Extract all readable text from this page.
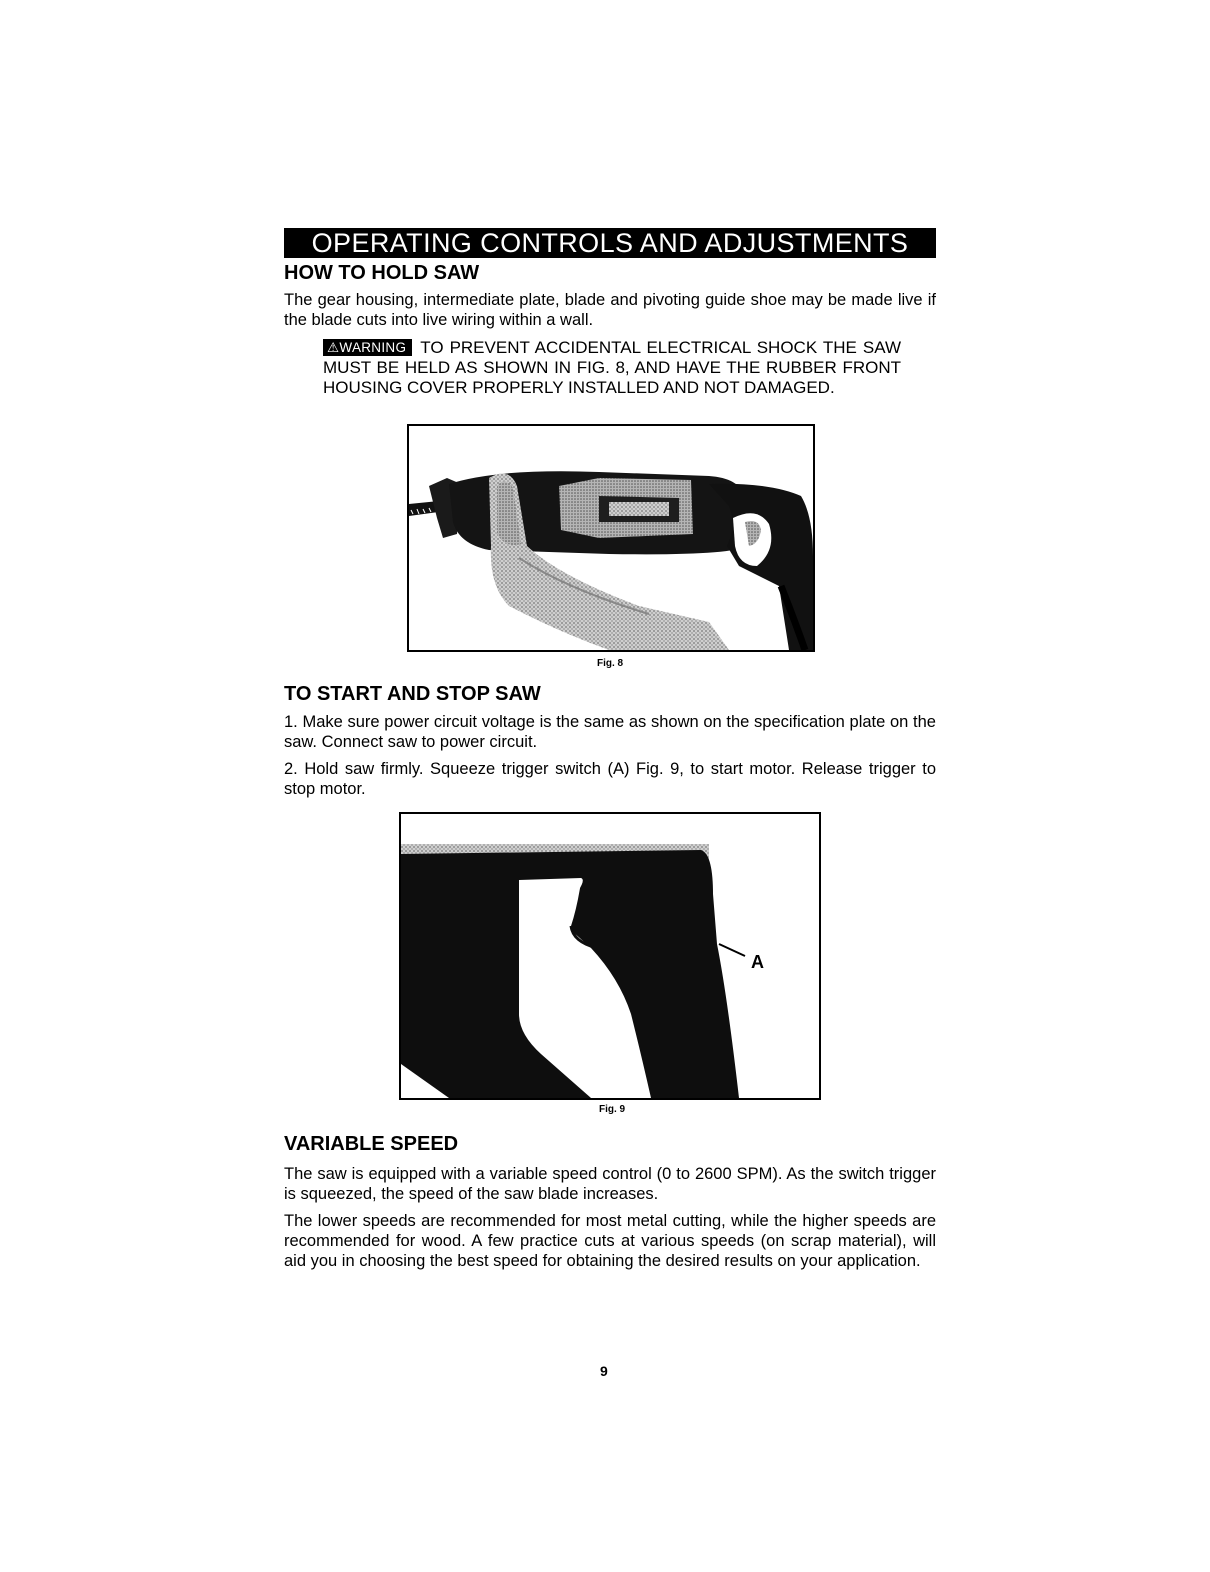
OPERATING CONTROLS AND ADJUSTMENTS
HOW TO HOLD SAW

The gear housing, intermediate plate, blade and pivoting guide shoe may be made live if the blade cuts into live wiring within a wall.

⚠WARNING TO PREVENT ACCIDENTAL ELECTRICAL SHOCK THE SAW MUST BE HELD AS SHOWN IN FIG. 8, AND HAVE THE RUBBER FRONT HOUSING COVER PROPERLY INSTALLED AND NOT DAMAGED.
Fig. 8
TO START AND STOP SAW

1. Make sure power circuit voltage is the same as shown on the specification plate on the saw. Connect saw to power circuit.

2. Hold saw firmly. Squeeze trigger switch (A) Fig. 9, to start motor. Release trigger to stop motor.

A
Fig. 9
VARIABLE SPEED

The saw is equipped with a variable speed control (0 to 2600 SPM). As the switch trigger is squeezed, the speed of the saw blade increases.

The lower speeds are recommended for most metal cutting, while the higher speeds are recommended for wood. A few practice cuts at various speeds (on scrap material), will aid you in choosing the best speed for obtaining the desired results on your application.

9
